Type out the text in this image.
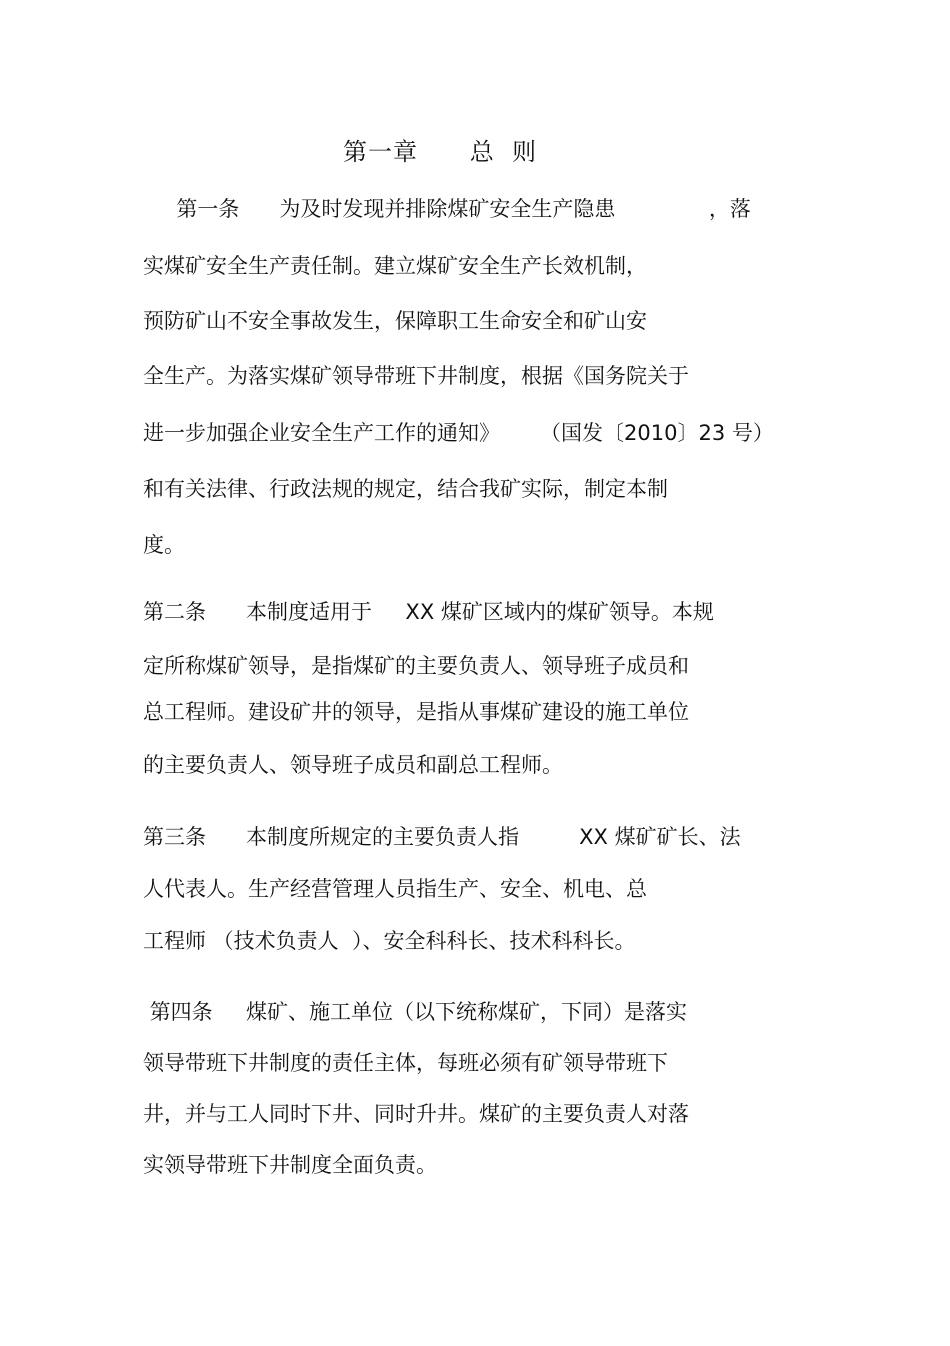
第一章      总  则
第一条      为及时发现并排除煤矿安全生产隐患              ，落
实煤矿安全生产责任制。建立煤矿安全生产长效机制，
预防矿山不安全事故发生，保障职工生命安全和矿山安
全生产。为落实煤矿领导带班下井制度，根据《国务院关于
进一步加强企业安全生产工作的通知》      （国发〔2010〕23 号）
和有关法律、行政法规的规定，结合我矿实际，制定本制
度。
第二条      本制度适用于     XX 煤矿区域内的煤矿领导。本规
定所称煤矿领导，是指煤矿的主要负责人、领导班子成员和
总工程师。建设矿井的领导，是指从事煤矿建设的施工单位
的主要负责人、领导班子成员和副总工程师。
第三条      本制度所规定的主要负责人指         XX 煤矿矿长、法
人代表人。生产经营管理人员指生产、安全、机电、总
工程师 （技术负责人  ）、安全科科长、技术科科长。
第四条     煤矿、施工单位（以下统称煤矿，下同）是落实
领导带班下井制度的责任主体，每班必须有矿领导带班下
井，并与工人同时下井、同时升井。煤矿的主要负责人对落
实领导带班下井制度全面负责。
